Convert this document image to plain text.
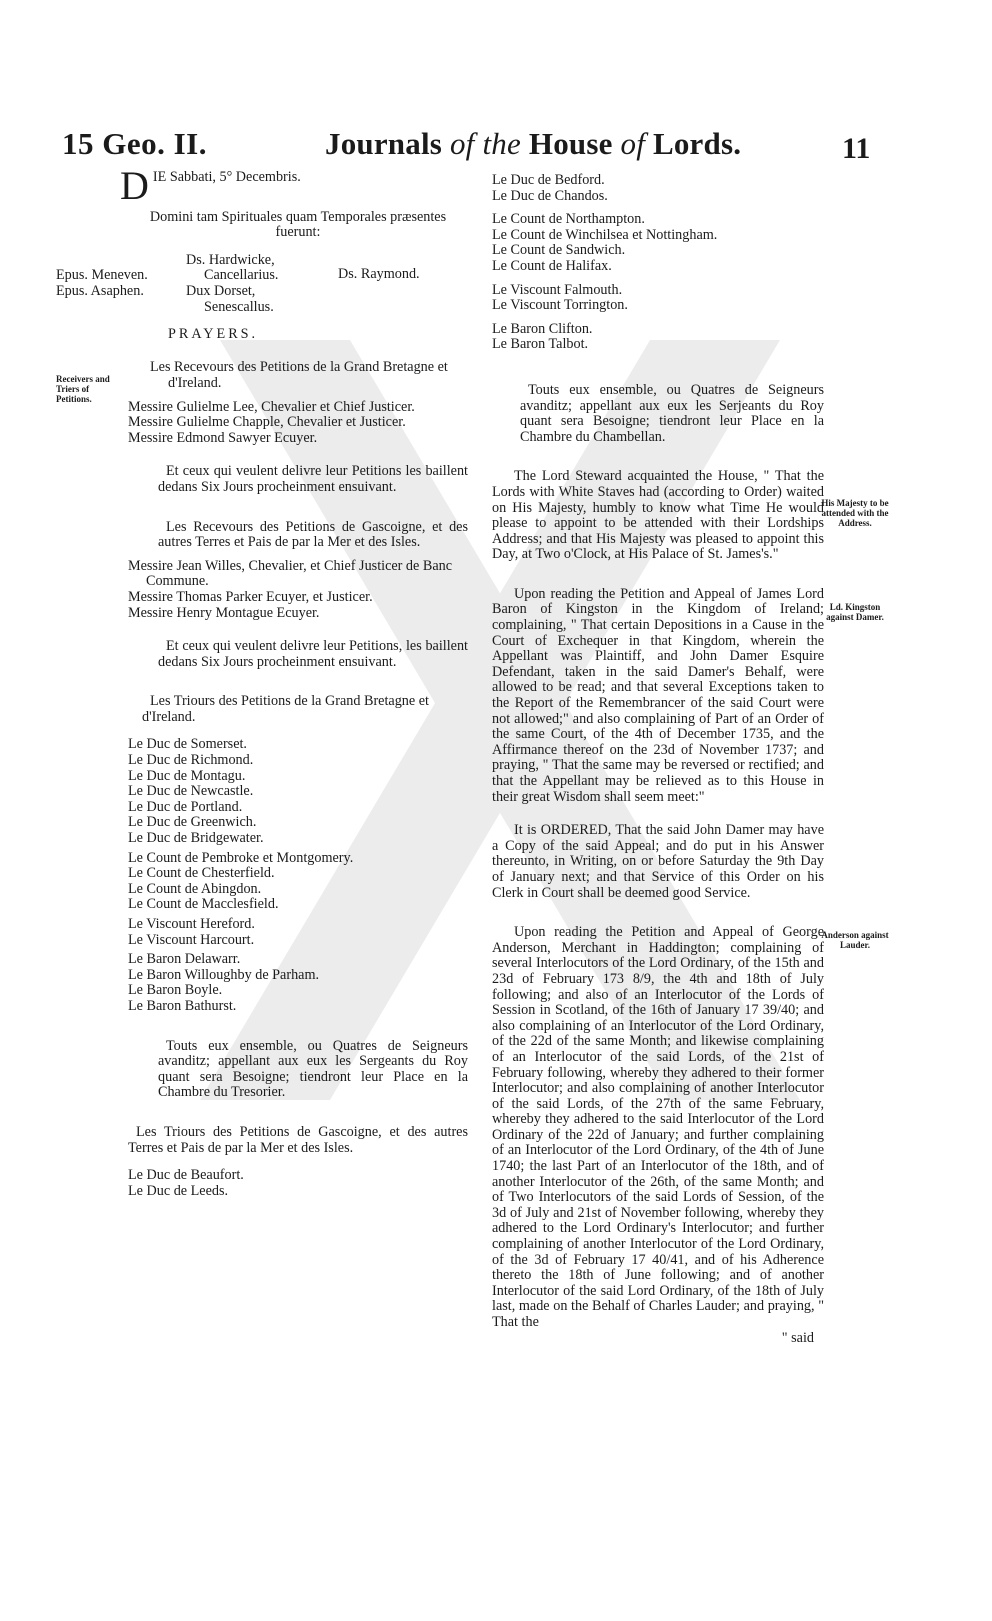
15 Geo. II.	Journals of the House of Lords.	11
Receivers and Triers of Petitions.

D IE Sabbati, 5° Decembris.

Domini tam Spirituales quam Temporales præsentes fuerunt:

Epus. Meneven.
Epus. Asaphen.
Ds. Hardwicke, Cancellarius.
Dux Dorset, Senescallus.
Ds. Raymond.

PRAYERS.

Les Recevours des Petitions de la Grand Bretagne et d'Ireland.

Messire Gulielme Lee, Chevalier et Chief Justicer.
Messire Gulielme Chapple, Chevalier et Justicer.
Messire Edmond Sawyer Ecuyer.

Et ceux qui veulent delivre leur Petitions les baillent dedans Six Jours procheinment ensuivant.

Les Recevours des Petitions de Gascoigne, et des autres Terres et Pais de par la Mer et des Isles.

Messire Jean Willes, Chevalier, et Chief Justicer de Banc Commune.
Messire Thomas Parker Ecuyer, et Justicer.
Messire Henry Montague Ecuyer.

Et ceux qui veulent delivre leur Petitions, les baillent dedans Six Jours procheinment ensuivant.

Les Triours des Petitions de la Grand Bretagne et d'Ireland.

Le Duc de Somerset.
Le Duc de Richmond.
Le Duc de Montagu.
Le Duc de Newcastle.
Le Duc de Portland.
Le Duc de Greenwich.
Le Duc de Bridgewater.
Le Count de Pembroke et Montgomery.
Le Count de Chesterfield.
Le Count de Abingdon.
Le Count de Macclesfield.
Le Viscount Hereford.
Le Viscount Harcourt.
Le Baron Delawarr.
Le Baron Willoughby de Parham.
Le Baron Boyle.
Le Baron Bathurst.

Touts eux ensemble, ou Quatres de Seigneurs avanditz; appellant aux eux les Sergeants du Roy quant sera Besoigne; tiendront leur Place en la Chambre du Tresorier.

Les Triours des Petitions de Gascoigne, et des autres Terres et Pais de par la Mer et des Isles.

Le Duc de Beaufort.
Le Duc de Leeds.
His Majesty to be attended with the Address.
Ld. Kingston against Damer.
Anderson against Lauder.
Le Duc de Bedford.
Le Duc de Chandos.
Le Count de Northampton.
Le Count de Winchilsea et Nottingham.
Le Count de Sandwich.
Le Count de Halifax.
Le Viscount Falmouth.
Le Viscount Torrington.
Le Baron Clifton.
Le Baron Talbot.

Touts eux ensemble, ou Quatres de Seigneurs avanditz; appellant aux eux les Serjeants du Roy quant sera Besoigne; tiendront leur Place en la Chambre du Chambellan.

The Lord Steward acquainted the House, " That the Lords with White Staves had (according to Order) waited on His Majesty, humbly to know what Time He would please to appoint to be attended with their Lordships Address; and that His Majesty was pleased to appoint this Day, at Two o'Clock, at His Palace of St. James's."

Upon reading the Petition and Appeal of James Lord Baron of Kingston in the Kingdom of Ireland; complaining, " That certain Depositions in a Cause in the Court of Exchequer in that Kingdom, wherein the Appellant was Plaintiff, and John Damer Esquire Defendant, taken in the said Damer's Behalf, were allowed to be read; and that several Exceptions taken to the Report of the Remembrancer of the said Court were not allowed;" and also complaining of Part of an Order of the same Court, of the 4th of December 1735, and the Affirmance thereof on the 23d of November 1737; and praying, " That the same may be reversed or rectified; and that the Appellant may be relieved as to this House in their great Wisdom shall seem meet:"

It is ORDERED, That the said John Damer may have a Copy of the said Appeal; and do put in his Answer thereunto, in Writing, on or before Saturday the 9th Day of January next; and that Service of this Order on his Clerk in Court shall be deemed good Service.

Upon reading the Petition and Appeal of George Anderson, Merchant in Haddington; complaining of several Interlocutors of the Lord Ordinary, of the 15th and 23d of February 173 8/9, the 4th and 18th of July following; and also of an Interlocutor of the Lords of Session in Scotland, of the 16th of January 17 39/40; and also complaining of an Interlocutor of the Lord Ordinary, of the 22d of the same Month; and likewise complaining of an Interlocutor of the said Lords, of the 21st of February following, whereby they adhered to their former Interlocutor; and also complaining of another Interlocutor of the said Lords, of the 27th of the same February, whereby they adhered to the said Interlocutor of the Lord Ordinary of the 22d of January; and further complaining of an Interlocutor of the Lord Ordinary, of the 4th of June 1740; the last Part of an Interlocutor of the 18th, and of another Interlocutor of the 26th, of the same Month; and of Two Interlocutors of the said Lords of Session, of the 3d of July and 21st of November following, whereby they adhered to the Lord Ordinary's Interlocutor; and further complaining of another Interlocutor of the Lord Ordinary, of the 3d of February 17 40/41, and of his Adherence thereto the 18th of June following; and of another Interlocutor of the said Lord Ordinary, of the 18th of July last, made on the Behalf of Charles Lauder; and praying, " That the

" said
